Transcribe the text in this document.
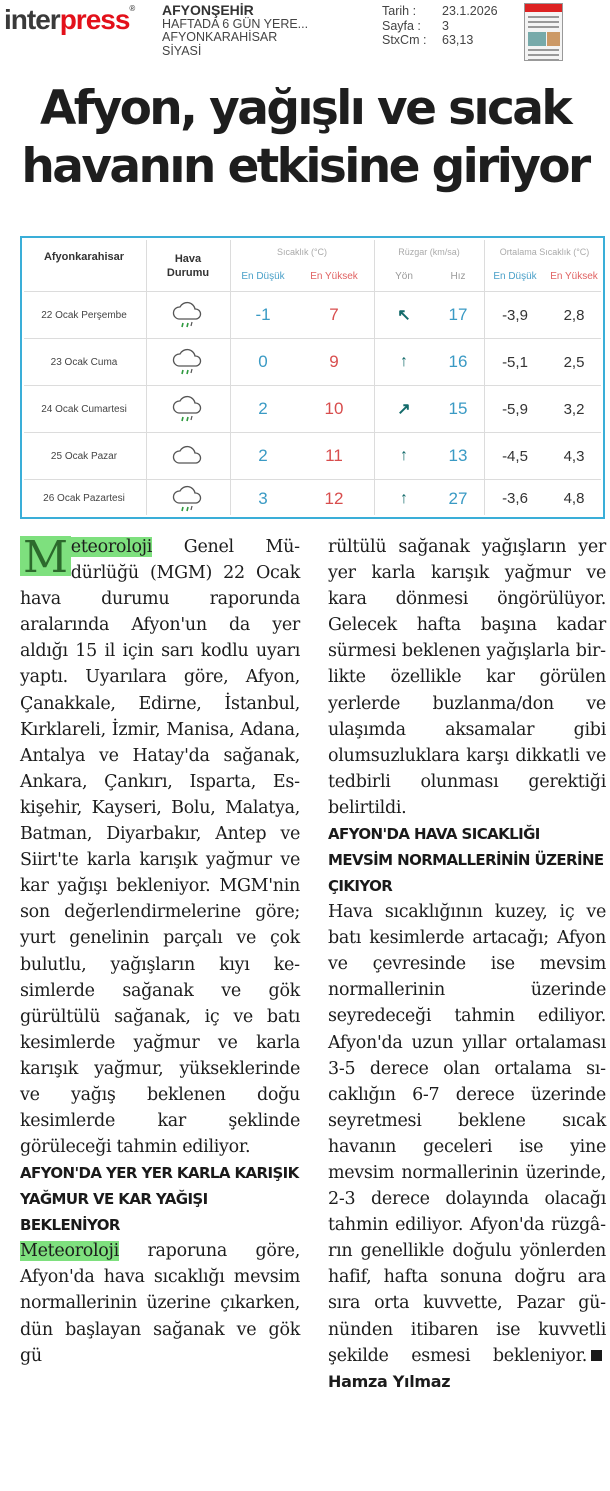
interpress® AFYONŞEHİR
HAFTADA 6 GÜN YERE...
AFYONKARAHİSAR
SİYASİ
Tarih :	23.1.2026
Sayfa :	3
StxCm :	63,13
Afyon, yağışlı ve sıcak
havanın etkisine giriyor
Afyonkarahisar	Hava
Durumu
Sıcaklık (°C)	Rüzgar (km/sa)	Ortalama Sıcaklık (°C)
En Düşük	En Yüksek	Yön	Hız	En Düşük	En Yüksek
22 Ocak Perşembe	-1	7	↖	17	-3,9	2,8
23 Ocak Cuma	0	9	↑	16	-5,1	2,5
24 Ocak Cumartesi	2	10	↗	15	-5,9	3,2
25 Ocak Pazar	2	11	↑	13	-4,5	4,3
26 Ocak Pazartesi	3	12	↑	27	-3,6	4,8

M eteoroloji Genel Müdürlüğü (MGM) 22 Ocak hava durumu raporunda aralarında Afyon'un da yer aldığı 15 il için sarı kodlu uyarı yaptı. Uyarılara göre, Afyon, Çanakkale, Edirne, İstanbul, Kırklareli, İzmir, Manisa, Adana, Antalya ve Hatay'da sağanak, Ankara, Çankırı, Isparta, Eskişehir, Kayseri, Bolu, Malatya, Batman, Diyarbakır, Antep ve Siirt'te karla karışık yağmur ve kar yağışı bekleniyor. MGM'nin son değerlendirmelerine göre; yurt genelinin parçalı ve çok bulutlu, yağışların kıyı kesimlerde sağanak ve gök gürültülü sağanak, iç ve batı kesimlerde yağmur ve karla karışık yağmur, yükseklerinde ve yağış beklenen doğu kesimlerde kar şeklinde görüleceği tahmin ediliyor.

AFYON'DA YER YER KARLA KARIŞIK YAĞMUR VE KAR YAĞIŞI BEKLENİYOR

Meteoroloji raporuna göre, Afyon'da hava sıcaklığı mevsim normallerinin üzerine çıkarken, dün başlayan sağanak ve gök gü

rültülü sağanak yağışların yer yer karla karışık yağmur ve kara dönmesi öngörülüyor. Gelecek hafta başına kadar sürmesi beklenen yağışlarla birlikte özellikle kar görülen yerlerde buzlanma/don ve ulaşımda aksamalar gibi olumsuzluklara karşı dikkatli ve tedbirli olunması gerektiği belirtildi.

AFYON'DA HAVA SICAKLIĞI MEVSİM NORMALLERİNİN ÜZERİNE ÇIKIYOR

Hava sıcaklığının kuzey, iç ve batı kesimlerde artacağı; Afyon ve çevresinde ise mevsim normallerinin üzerinde seyredeceği tahmin ediliyor. Afyon'da uzun yıllar ortalaması 3-5 derece olan ortalama sıcaklığın 6-7 derece üzerinde seyretmesi beklene sıcak havanın geceleri ise yine mevsim normallerinin üzerinde, 2-3 derece dolayında olacağı tahmin ediliyor. Afyon'da rüzgârın genellikle doğulu yönlerden hafif, hafta sonuna doğru ara sıra orta kuvvette, Pazar gününden itibaren ise kuvvetli şekilde esmesi bekleniyor.Hamza Yılmaz
